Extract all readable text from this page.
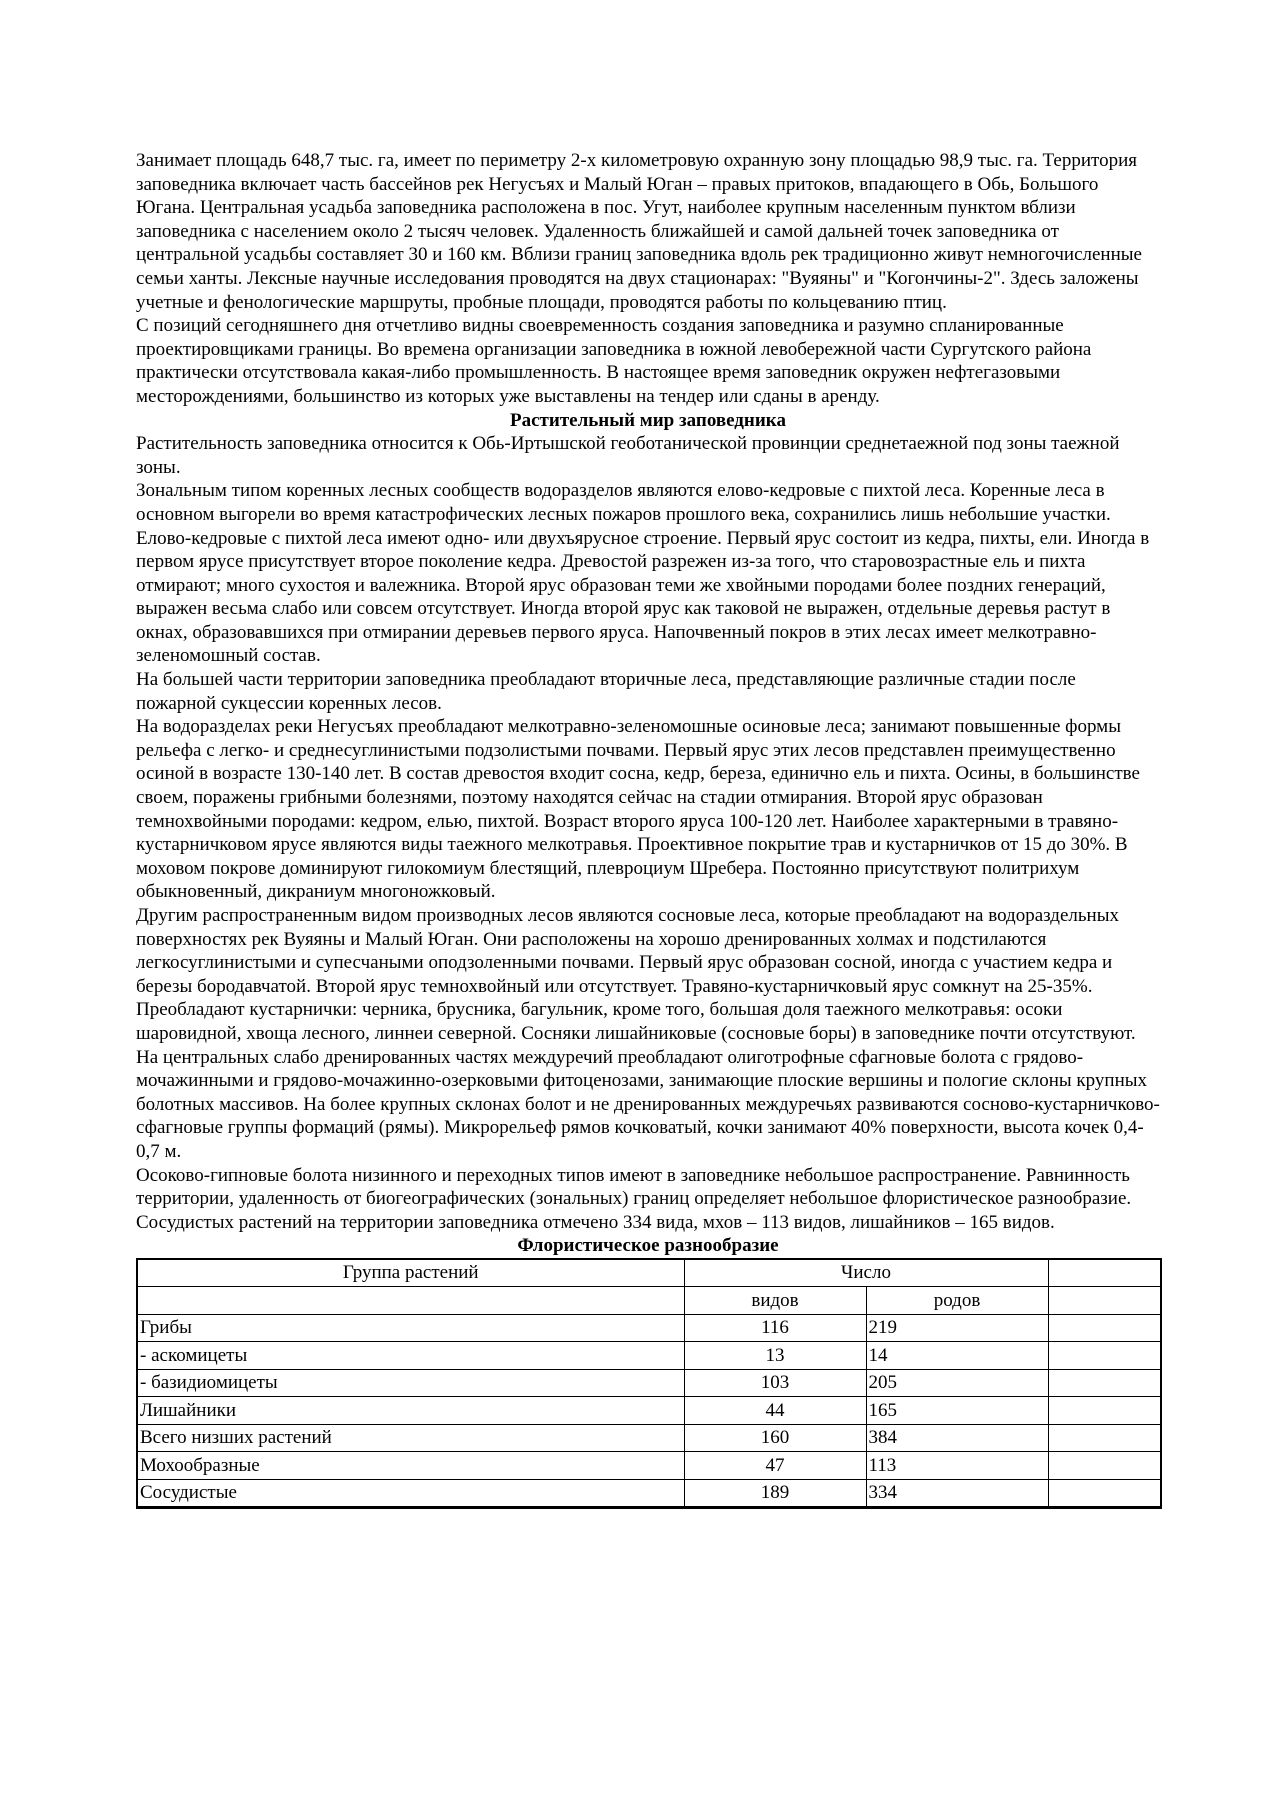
Занимает площадь 648,7 тыс. га, имеет по периметру 2-х километровую охранную зону площадью 98,9 тыс. га. Территория заповедника включает часть бассейнов рек Негусъях и Малый Юган – правых притоков, впадающего в Обь, Большого Югана. Центральная усадьба заповедника расположена в пос. Угут, наиболее крупным населенным пунктом вблизи заповедника с населением около 2 тысяч человек. Удаленность ближайшей и самой дальней точек заповедника от центральной усадьбы составляет 30 и 160 км. Вблизи границ заповедника вдоль рек традиционно живут немногочисленные семьи ханты. Лексные научные исследования проводятся на двух стационарах: "Вуяяны" и "Когончины-2". Здесь заложены учетные и фенологические маршруты, пробные площади, проводятся работы по кольцеванию птиц.

С позиций сегодняшнего дня отчетливо видны своевременность создания заповедника и разумно спланированные проектировщиками границы. Во времена организации заповедника в южной левобережной части Сургутского района практически отсутствовала какая-либо промышленность. В настоящее время заповедник окружен нефтегазовыми месторождениями, большинство из которых уже выставлены на тендер или сданы в аренду.

Растительный мир заповедника

Растительность заповедника относится к Обь-Иртышской геоботанической провинции среднетаежной под зоны таежной зоны.

Зональным типом коренных лесных сообществ водоразделов являются елово-кедровые с пихтой леса. Коренные леса в основном выгорели во время катастрофических лесных пожаров прошлого века, сохранились лишь небольшие участки. Елово-кедровые с пихтой леса имеют одно- или двухъярусное строение. Первый ярус состоит из кедра, пихты, ели. Иногда в первом ярусе присутствует второе поколение кедра. Древостой разрежен из-за того, что старовозрастные ель и пихта отмирают; много сухостоя и валежника. Второй ярус образован теми же хвойными породами более поздних генераций, выражен весьма слабо или совсем отсутствует. Иногда второй ярус как таковой не выражен, отдельные деревья растут в окнах, образовавшихся при отмирании деревьев первого яруса. Напочвенный покров в этих лесах имеет мелкотравно-зеленомошный состав.

На большей части территории заповедника преобладают вторичные леса, представляющие различные стадии после пожарной сукцессии коренных лесов.

На водоразделах реки Негусъях преобладают мелкотравно-зеленомошные осиновые леса; занимают повышенные формы рельефа с легко- и среднесуглинистыми подзолистыми почвами. Первый ярус этих лесов представлен преимущественно осиной в возрасте 130-140 лет. В состав древостоя входит сосна, кедр, береза, единично ель и пихта. Осины, в большинстве своем, поражены грибными болезнями, поэтому находятся сейчас на стадии отмирания. Второй ярус образован темнохвойными породами: кедром, елью, пихтой. Возраст второго яруса 100-120 лет. Наиболее характерными в травяно-кустарничковом ярусе являются виды таежного мелкотравья. Проективное покрытие трав и кустарничков от 15 до 30%. В моховом покрове доминируют гилокомиум блестящий, плевроциум Шребера. Постоянно присутствуют политрихум обыкновенный, дикраниум многоножковый.

Другим распространенным видом производных лесов являются сосновые леса, которые преобладают на водораздельных поверхностях рек Вуяяны и Малый Юган. Они расположены на хорошо дренированных холмах и подстилаются легкосуглинистыми и супесчаными оподзоленными почвами. Первый ярус образован сосной, иногда с участием кедра и березы бородавчатой. Второй ярус темнохвойный или отсутствует. Травяно-кустарничковый ярус сомкнут на 25-35%. Преобладают кустарнички: черника, брусника, багульник, кроме того, большая доля таежного мелкотравья: осоки шаровидной, хвоща лесного, линнеи северной. Сосняки лишайниковые (сосновые боры) в заповеднике почти отсутствуют.

На центральных слабо дренированных частях междуречий преобладают олиготрофные сфагновые болота с грядово-мочажинными и грядово-мочажинно-озерковыми фитоценозами, занимающие плоские вершины и пологие склоны крупных болотных массивов. На более крупных склонах болот и не дренированных междуречьях развиваются сосново-кустарничково-сфагновые группы формаций (рямы). Микрорельеф рямов кочковатый, кочки занимают 40% поверхности, высота кочек 0,4-0,7 м.

Осоково-гипновые болота низинного и переходных типов имеют в заповеднике небольшое распространение. Равнинность территории, удаленность от биогеографических (зональных) границ определяет небольшое флористическое разнообразие. Сосудистых растений на территории заповедника отмечено 334 вида, мхов – 113 видов, лишайников – 165 видов.

Флористическое разнообразие

Группа растений	Число		
	видов	родов	
Грибы	116	219	
- аскомицеты	13	14	
- базидиомицеты	103	205	
Лишайники	44	165	
Всего низших растений	160	384	
Мохообразные	47	113	
Сосудистые	189	334	
